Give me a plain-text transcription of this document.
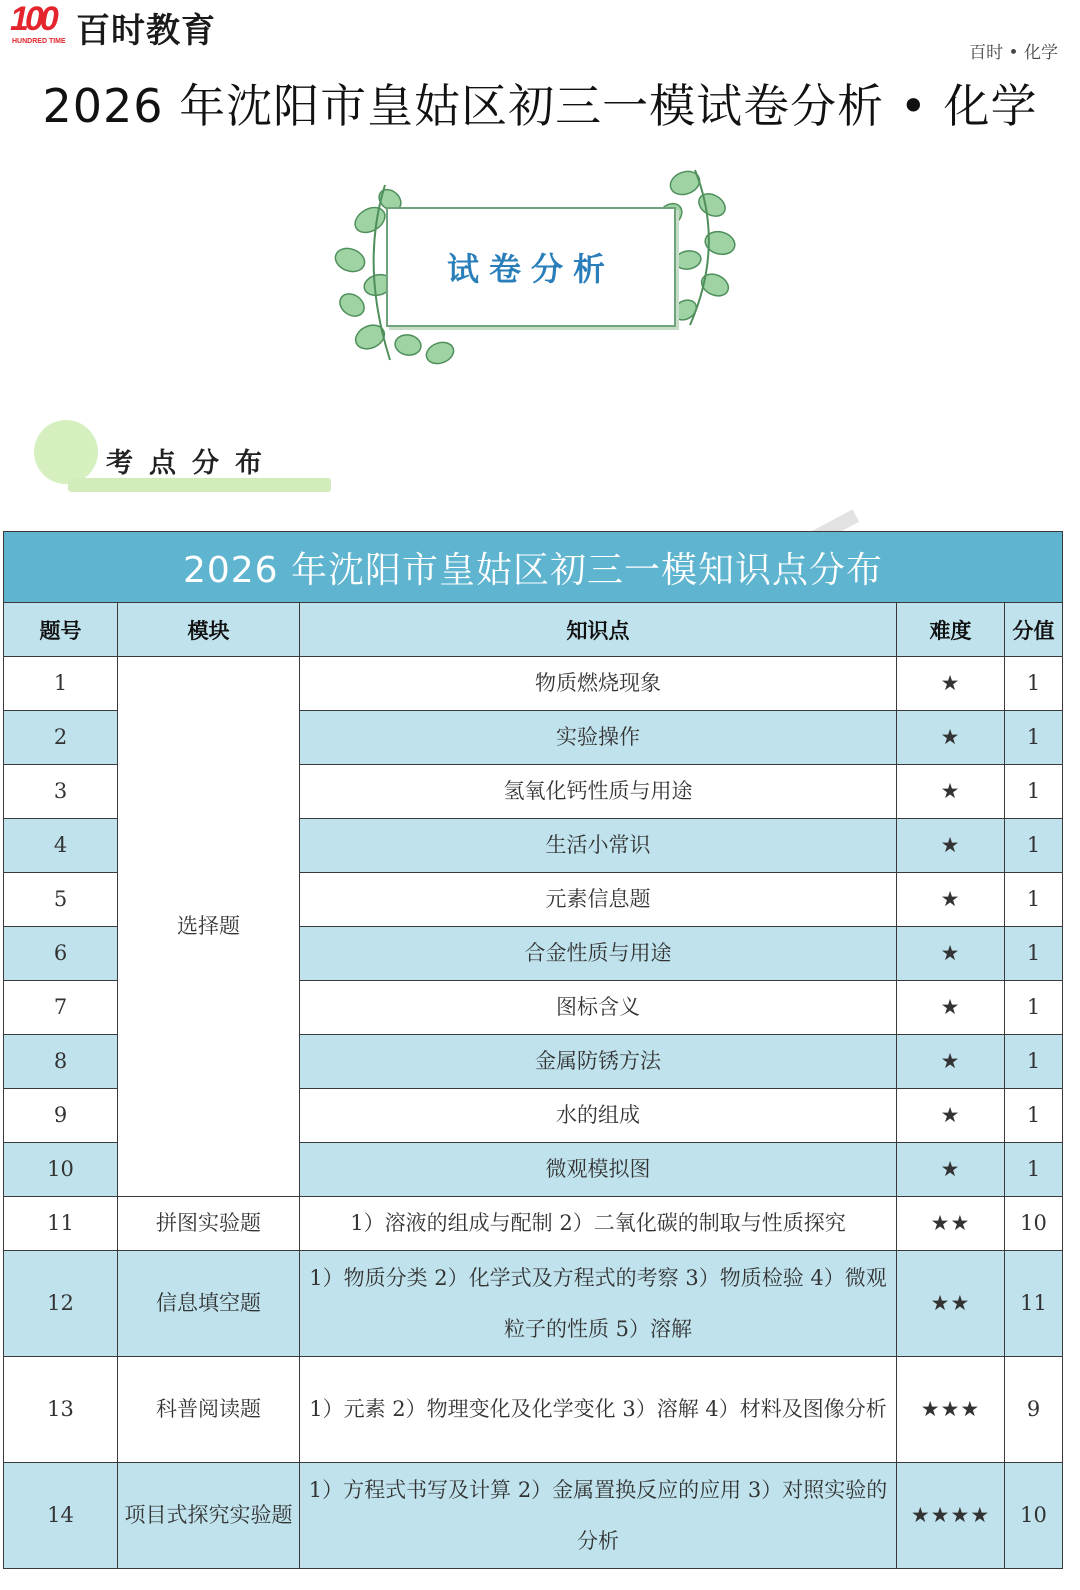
100
HUNDRED TIME 百时教育
百时 • 化学
2026 年沈阳市皇姑区初三一模试卷分析 • 化学
试卷分析
考点分布
2026 年沈阳市皇姑区初三一模知识点分布				
题号	模块	知识点	难度	分值
1	选择题	物质燃烧现象	★	1
2		实验操作	★	1
3		氢氧化钙性质与用途	★	1
4		生活小常识	★	1
5		元素信息题	★	1
6		合金性质与用途	★	1
7		图标含义	★	1
8		金属防锈方法	★	1
9		水的组成	★	1
10		微观模拟图	★	1
11	拼图实验题	1）溶液的组成与配制 2）二氧化碳的制取与性质探究	★★	10
12	信息填空题	1）物质分类 2）化学式及方程式的考察 3）物质检验 4）微观粒子的性质 5）溶解	★★	11
13	科普阅读题	1）元素 2）物理变化及化学变化 3）溶解 4）材料及图像分析	★★★	9
14	项目式探究实验题	1）方程式书写及计算 2）金属置换反应的应用 3）对照实验的分析	★★★★	10
